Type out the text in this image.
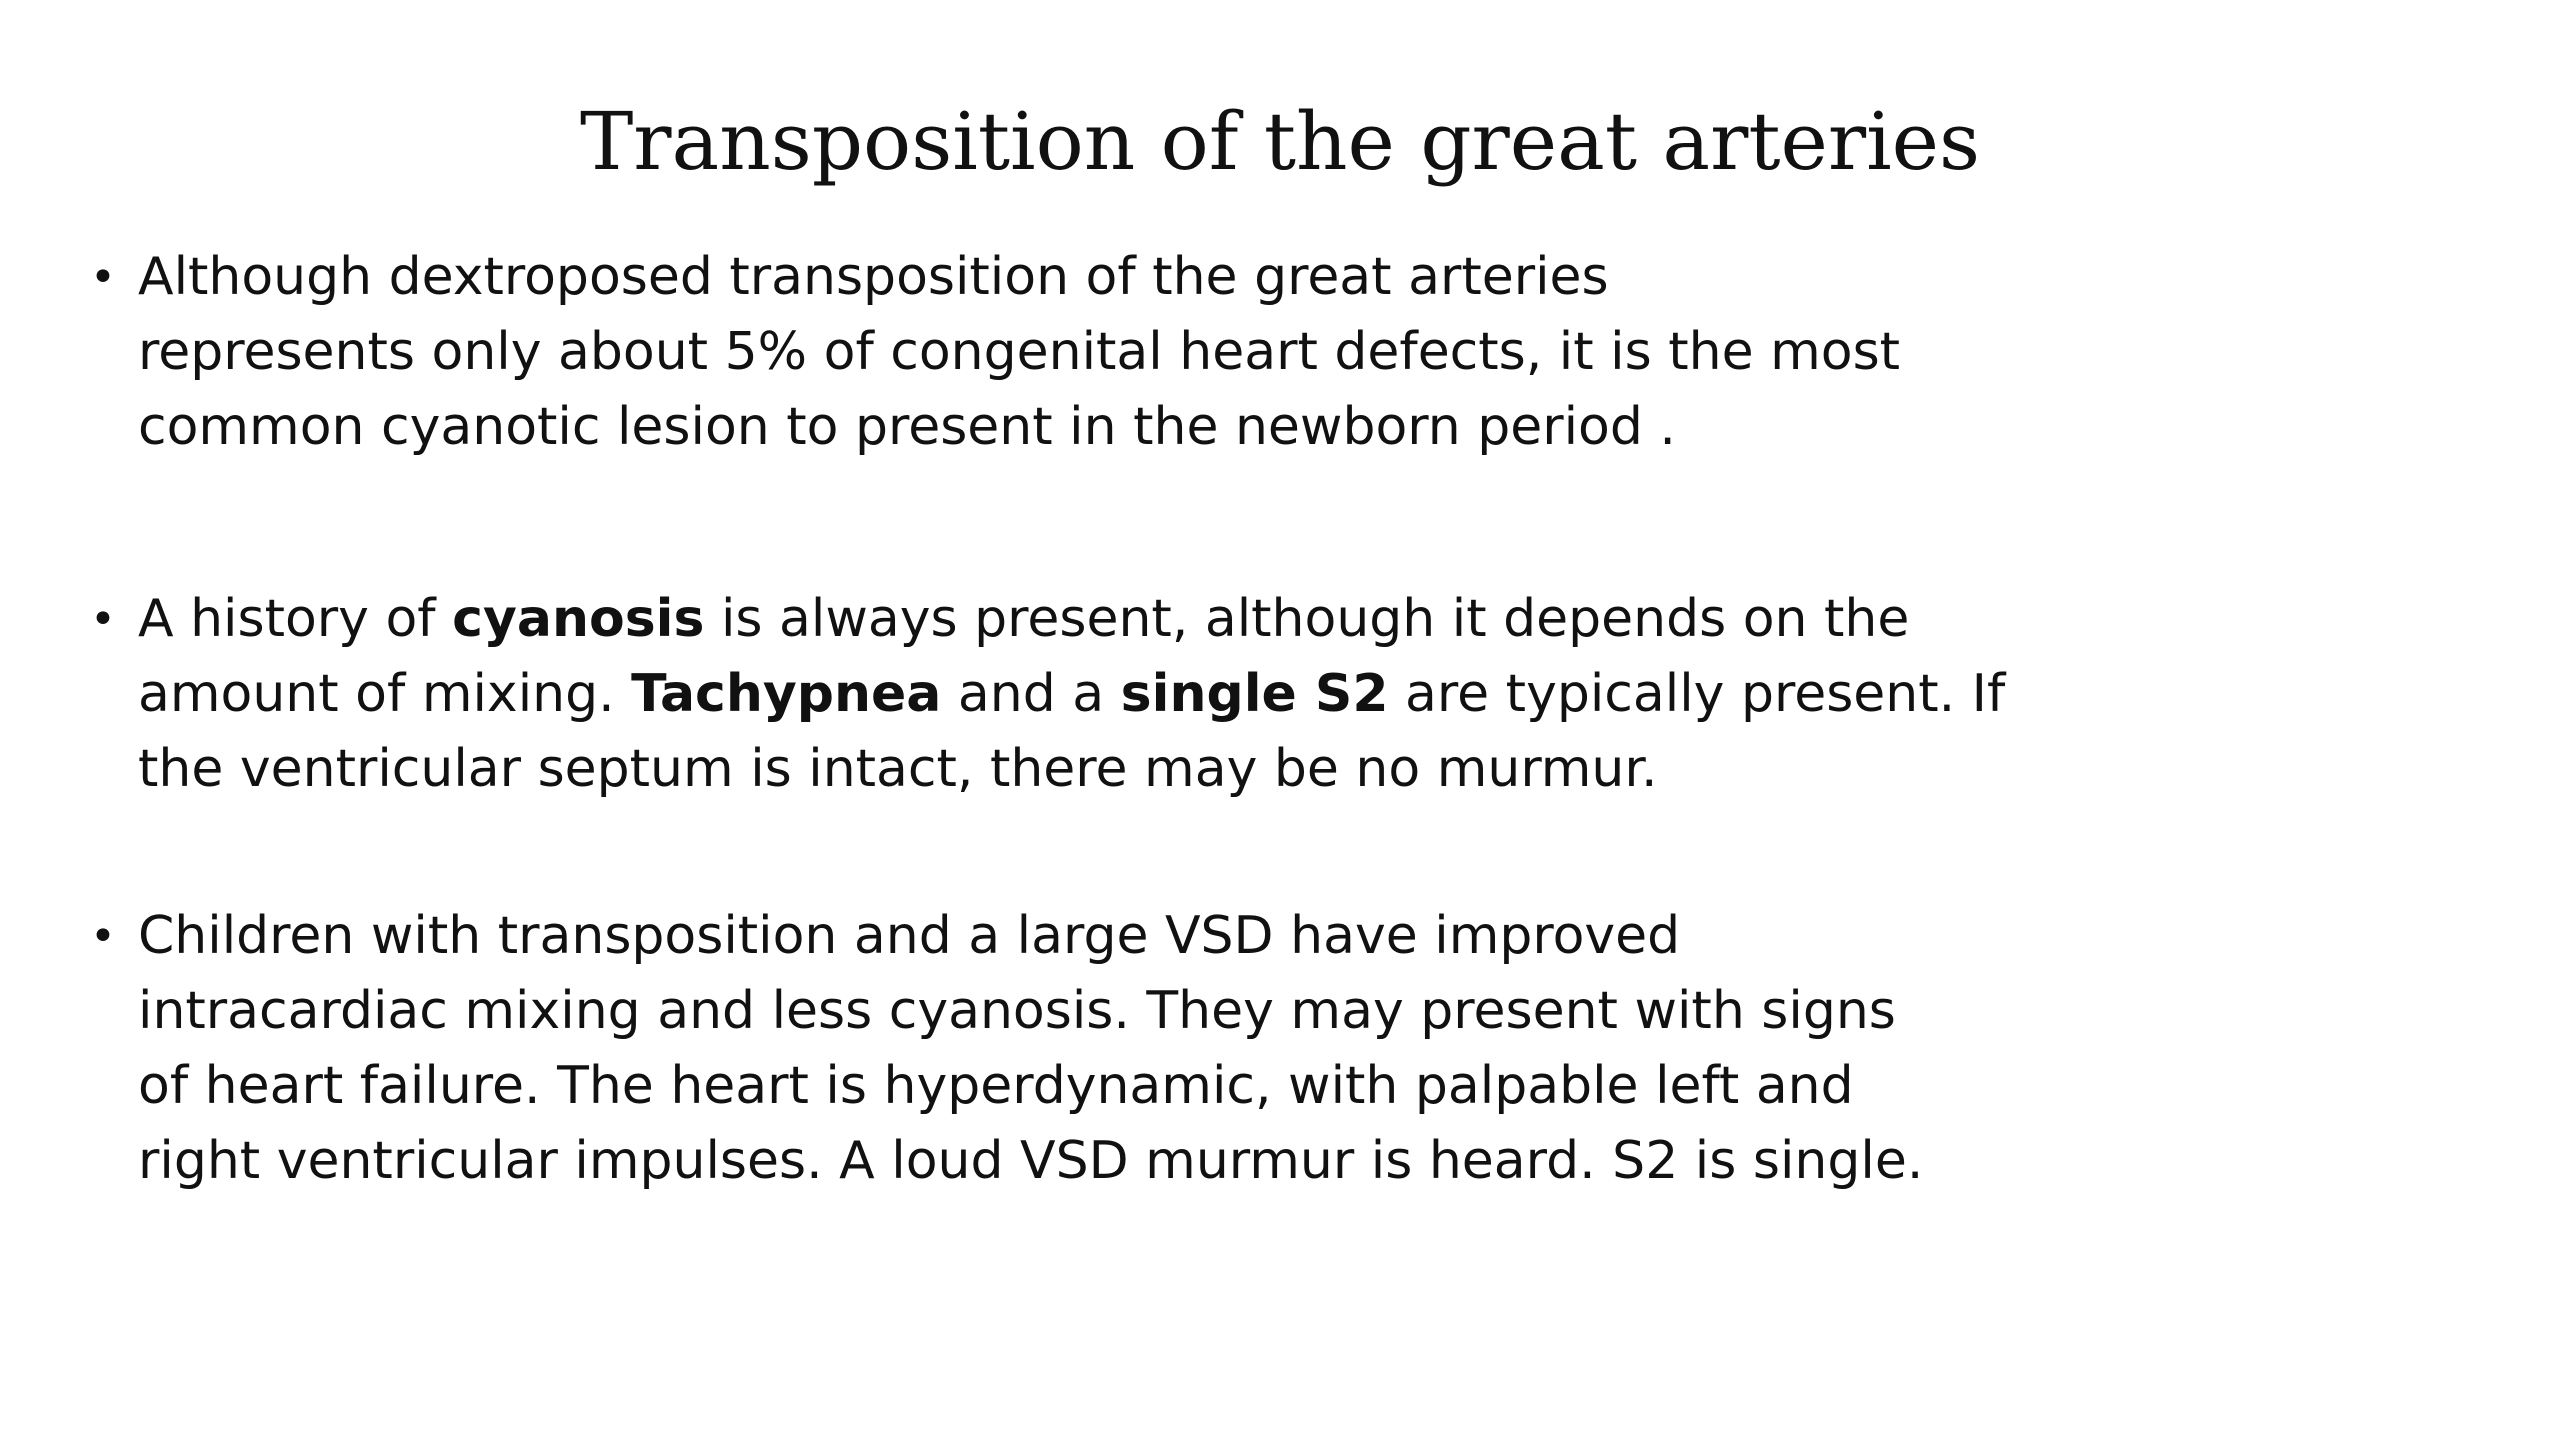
Transposition of the great arteries
• Although dextroposed transposition of the great arteries
represents only about 5% of congenital heart defects, it is the most
common cyanotic lesion to present in the newborn period .
• A history of cyanosis is always present, although it depends on the
amount of mixing. Tachypnea and a single S2 are typically present. If
the ventricular septum is intact, there may be no murmur.
• Children with transposition and a large VSD have improved
intracardiac mixing and less cyanosis. They may present with signs
of heart failure. The heart is hyperdynamic, with palpable left and
right ventricular impulses. A loud VSD murmur is heard. S2 is single.
